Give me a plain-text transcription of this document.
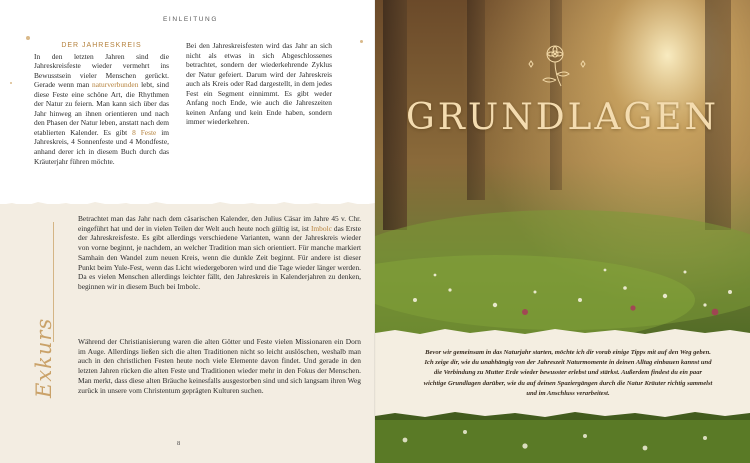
EINLEITUNG
DER JAHRESKREIS
In den letzten Jahren sind die Jahreskreisfeste wieder vermehrt ins Bewusstsein vieler Menschen gerückt. Gerade wenn man naturverbunden lebt, sind diese Feste eine schöne Art, die Rhythmen der Natur zu feiern. Man kann sich über das Jahr hinweg an ihnen orientieren und nach den Phasen der Natur leben, anstatt nach dem etablierten Kalender. Es gibt 8 Feste im Jahreskreis, 4 Sonnenfeste und 4 Mondfeste, anhand derer ich in diesem Buch durch das Kräuterjahr führen möchte.
Bei den Jahreskreisfesten wird das Jahr an sich nicht als etwas in sich Abgeschlossenes betrachtet, sondern der wiederkehrende Zyklus der Natur gefeiert. Darum wird der Jahreskreis auch als Kreis oder Rad dargestellt, in dem jedes Fest ein Segment einnimmt. Es gibt weder Anfang noch Ende, wie auch die Jahreszeiten keinen Anfang und kein Ende haben, sondern immer wiederkehren.
Exkurs
Betrachtet man das Jahr nach dem cäsarischen Kalender, den Julius Cäsar im Jahre 45 v. Chr. eingeführt hat und der in vielen Teilen der Welt auch heute noch gültig ist, ist Imbolc das Erste der Jahreskreisfeste. Es gibt allerdings verschiedene Varianten, wann der Jahreskreis wieder von vorne beginnt, je nachdem, an welcher Tradition man sich orientiert. Für manche markiert Samhain den Wandel zum neuen Kreis, wenn die dunkle Zeit beginnt. Für andere ist dieser Punkt beim Yule-Fest, wenn das Licht wiedergeboren wird und die Tage wieder länger werden. Da es vielen Menschen allerdings leichter fällt, den Jahreskreis in Kalenderjahren zu denken, beginnen wir in diesem Buch bei Imbolc.
Während der Christianisierung waren die alten Götter und Feste vielen Missionaren ein Dorn im Auge. Allerdings ließen sich die alten Traditionen nicht so leicht auslöschen, weshalb man auch in den christlichen Festen heute noch viele Elemente davon findet. Und gerade in den letzten Jahren rücken die alten Feste und Traditionen wieder mehr in den Fokus der Menschen. Man merkt, dass diese alten Bräuche keinesfalls ausgestorben sind und sich langsam ihren Weg zurück in unsere vom Christentum geprägten Kulturen suchen.
8
GRUNDLAGEN
Bevor wir gemeinsam in das Naturjahr starten, möchte ich dir vorab einige Tipps mit auf den Weg geben. Ich zeige dir, wie du unabhängig von der Jahreszeit Naturmomente in deinen Alltag einbauen kannst und die Verbindung zu Mutter Erde wieder bewusster erlebst und stärkst. Außerdem findest du ein paar wichtige Grundlagen darüber, wie du auf deinen Spaziergängen durch die Natur Kräuter richtig sammelst und im Anschluss verarbeitest.
